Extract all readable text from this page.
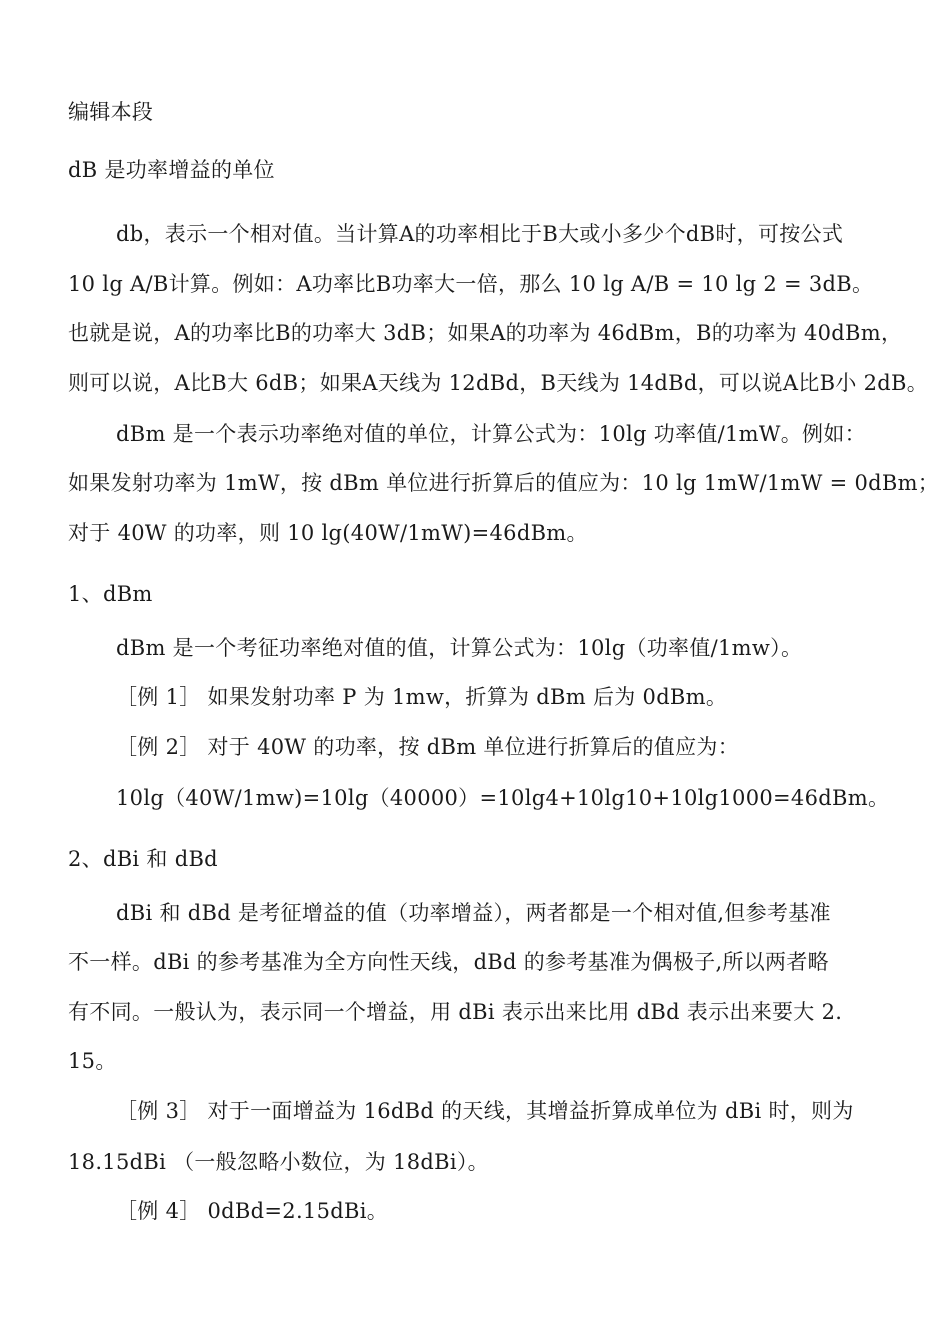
编辑本段
dB 是功率增益的单位
db，表示一个相对值。当计算A的功率相比于B大或小多少个dB时，可按公式
10 lg A/B计算。例如：A功率比B功率大一倍，那么 10 lg A/B = 10 lg 2 = 3dB。
也就是说，A的功率比B的功率大 3dB；如果A的功率为 46dBm，B的功率为 40dBm，
则可以说，A比B大 6dB；如果A天线为 12dBd，B天线为 14dBd，可以说A比B小 2dB。
dBm 是一个表示功率绝对值的单位，计算公式为：10lg 功率值/1mW。例如：
如果发射功率为 1mW，按 dBm 单位进行折算后的值应为：10 lg 1mW/1mW = 0dBm；
对于 40W 的功率，则 10 lg(40W/1mW)=46dBm。
1、dBm
dBm 是一个考征功率绝对值的值，计算公式为：10lg（功率值/1mw）。
［例 1］ 如果发射功率 P 为 1mw，折算为 dBm 后为 0dBm。
［例 2］ 对于 40W 的功率，按 dBm 单位进行折算后的值应为：
10lg（40W/1mw)=10lg（40000）=10lg4+10lg10+10lg1000=46dBm。
2、dBi 和 dBd
dBi 和 dBd 是考征增益的值（功率增益），两者都是一个相对值,但参考基准
不一样。dBi 的参考基准为全方向性天线，dBd 的参考基准为偶极子,所以两者略
有不同。一般认为，表示同一个增益，用 dBi 表示出来比用 dBd 表示出来要大 2.
15。
［例 3］ 对于一面增益为 16dBd 的天线，其增益折算成单位为 dBi 时，则为
18.15dBi （一般忽略小数位，为 18dBi）。
［例 4］ 0dBd=2.15dBi。
